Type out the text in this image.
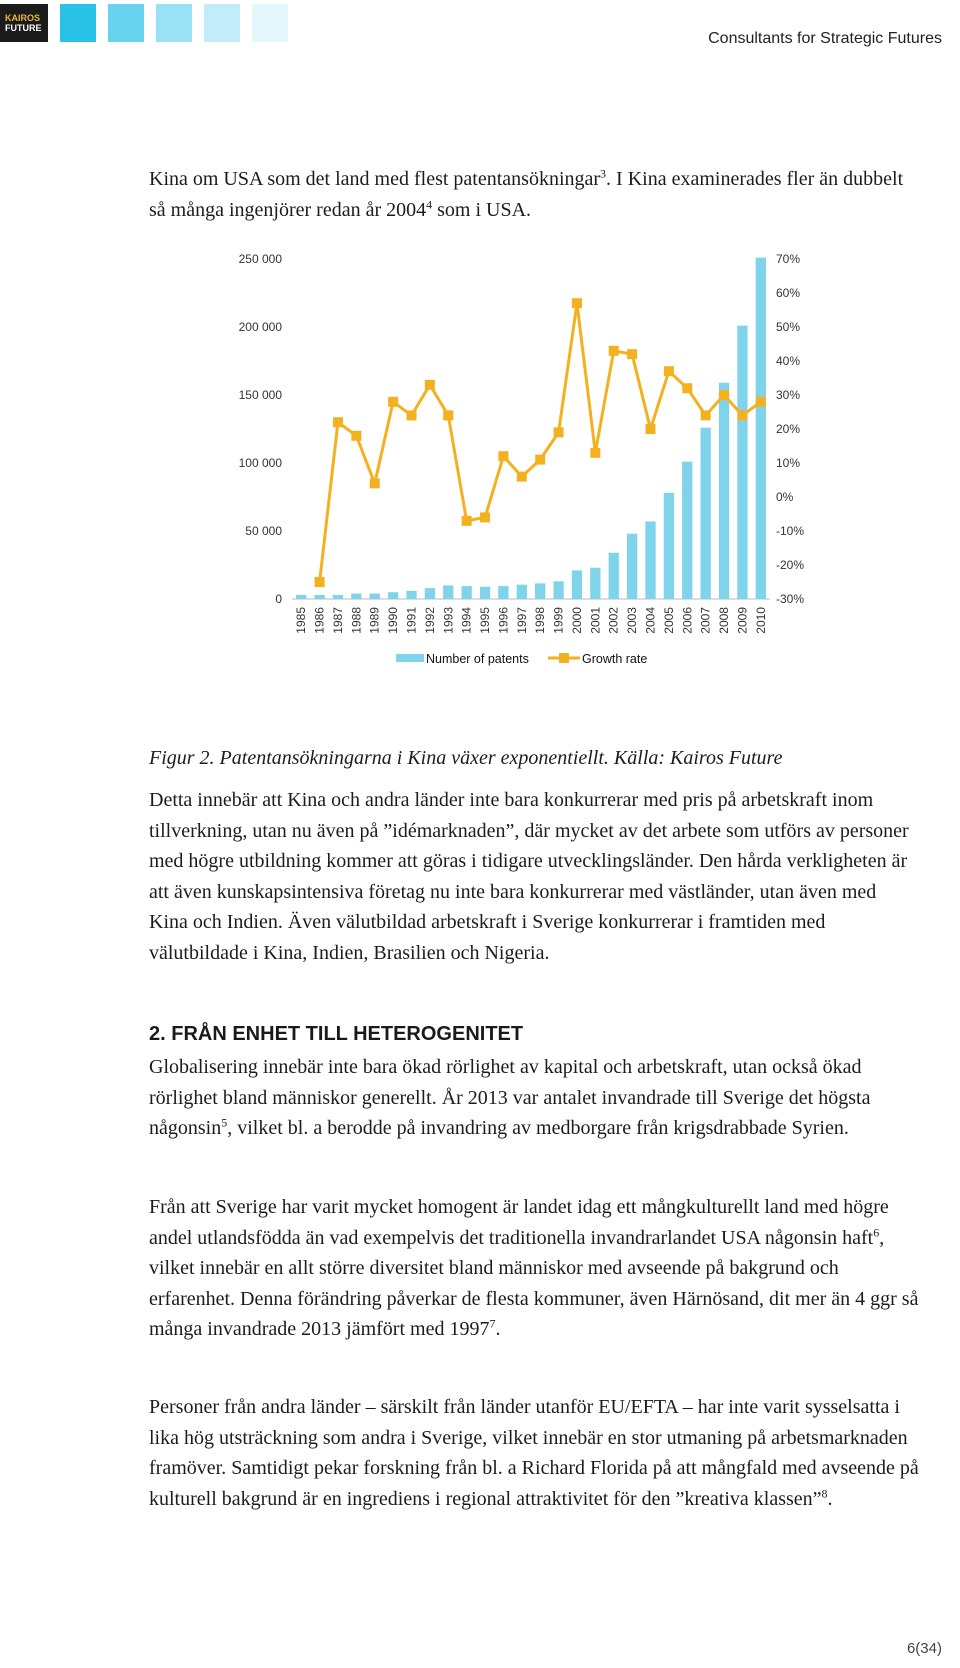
KAIROS
FUTURE
Consultants for Strategic Futures

Kina om USA som det land med flest patentansökningar$^3$. I Kina examinerades fler än dubbelt så många ingenjörer redan år 2004$^4$ som i USA.

0
50 000
100 000
150 000
200 000
250 000
-30%
-20%
-10%
0%
10%
20%
30%
40%
50%
60%
70%
1985 1986 1987 1988 1989 1990 1991 1992 1993 1994 1995 1996 1997 1998 1999 2000 2001 2002 2003 2004 2005 2006 2007 2008 2009 2010
Number of patents	Growth rate

Figur 2. Patentansökningarna i Kina växer exponentiellt. Källa: Kairos Future

Detta innebär att Kina och andra länder inte bara konkurrerar med pris på arbetskraft inom tillverkning, utan nu även på ”idémarknaden”, där mycket av det arbete som utförs av personer med högre utbildning kommer att göras i tidigare utvecklingsländer. Den hårda verkligheten är att även kunskapsintensiva företag nu inte bara konkurrerar med västländer, utan även med Kina och Indien. Även välutbildad arbetskraft i Sverige konkurrerar i framtiden med välutbildade i Kina, Indien, Brasilien och Nigeria.

2. FRÅN ENHET TILL HETEROGENITET

Globalisering innebär inte bara ökad rörlighet av kapital och arbetskraft, utan också ökad rörlighet bland människor generellt. År 2013 var antalet invandrade till Sverige det högsta någonsin$^5$, vilket bl. a berodde på invandring av medborgare från krigsdrabbade Syrien.

Från att Sverige har varit mycket homogent är landet idag ett mångkulturellt land med högre andel utlandsfödda än vad exempelvis det traditionella invandrarlandet USA någonsin haft$^6$, vilket innebär en allt större diversitet bland människor med avseende på bakgrund och erfarenhet. Denna förändring påverkar de flesta kommuner, även Härnösand, dit mer än 4 ggr så många invandrade 2013 jämfört med 1997$^7$.

Personer från andra länder – särskilt från länder utanför EU/EFTA – har inte varit sysselsatta i lika hög utsträckning som andra i Sverige, vilket innebär en stor utmaning på arbetsmarknaden framöver. Samtidigt pekar forskning från bl. a Richard Florida på att mångfald med avseende på kulturell bakgrund är en ingrediens i regional attraktivitet för den ”kreativa klassen”$^8$.

6(34)
